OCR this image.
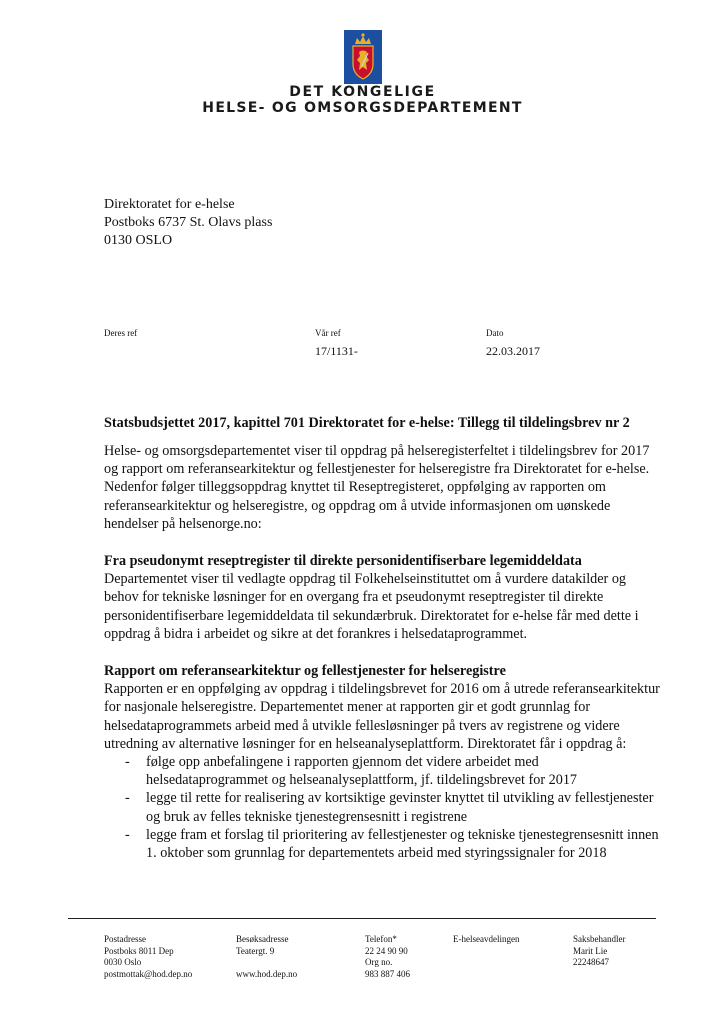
DET KONGELIGE
HELSE- OG OMSORGSDEPARTEMENT
Direktoratet for e-helse
Postboks 6737 St. Olavs plass
0130 OSLO
Deres ref	Vår ref
17/1131-
Dato
22.03.2017
Statsbudsjettet 2017, kapittel 701 Direktoratet for e-helse: Tillegg til tildelingsbrev nr 2
Helse- og omsorgsdepartementet viser til oppdrag på helseregisterfeltet i tildelingsbrev for 2017 og rapport om referansearkitektur og fellestjenester for helseregistre fra Direktoratet for e-helse. Nedenfor følger tilleggsoppdrag knyttet til Reseptregisteret, oppfølging av rapporten om referansearkitektur og helseregistre, og oppdrag om å utvide informasjonen om uønskede hendelser på helsenorge.no:
Fra pseudonymt reseptregister til direkte personidentifiserbare legemiddeldata
Departementet viser til vedlagte oppdrag til Folkehelseinstituttet om å vurdere datakilder og behov for tekniske løsninger for en overgang fra et pseudonymt reseptregister til direkte personidentifiserbare legemiddeldata til sekundærbruk. Direktoratet for e-helse får med dette i oppdrag å bidra i arbeidet og sikre at det forankres i helsedataprogrammet.
Rapport om referansearkitektur og fellestjenester for helseregistre
Rapporten er en oppfølging av oppdrag i tildelingsbrevet for 2016 om å utrede referansearkitektur for nasjonale helseregistre. Departementet mener at rapporten gir et godt grunnlag for helsedataprogrammets arbeid med å utvikle fellesløsninger på tvers av registrene og videre utredning av alternative løsninger for en helseanalyseplattform. Direktoratet får i oppdrag å:
- følge opp anbefalingene i rapporten gjennom det videre arbeidet med helsedataprogrammet og helseanalyseplattform, jf. tildelingsbrevet for 2017
- legge til rette for realisering av kortsiktige gevinster knyttet til utvikling av fellestjenester og bruk av felles tekniske tjenestegrensesnitt i registrene
- legge fram et forslag til prioritering av fellestjenester og tekniske tjenestegrensesnitt innen 1. oktober som grunnlag for departementets arbeid med styringssignaler for 2018
Postadresse
Postboks 8011 Dep
0030 Oslo
postmottak@hod.dep.no
Besøksadresse
Teatergt. 9

www.hod.dep.no
Telefon*
22 24 90 90
Org no.
983 887 406
E-helseavdelingen	Saksbehandler
Marit Lie
22248647
